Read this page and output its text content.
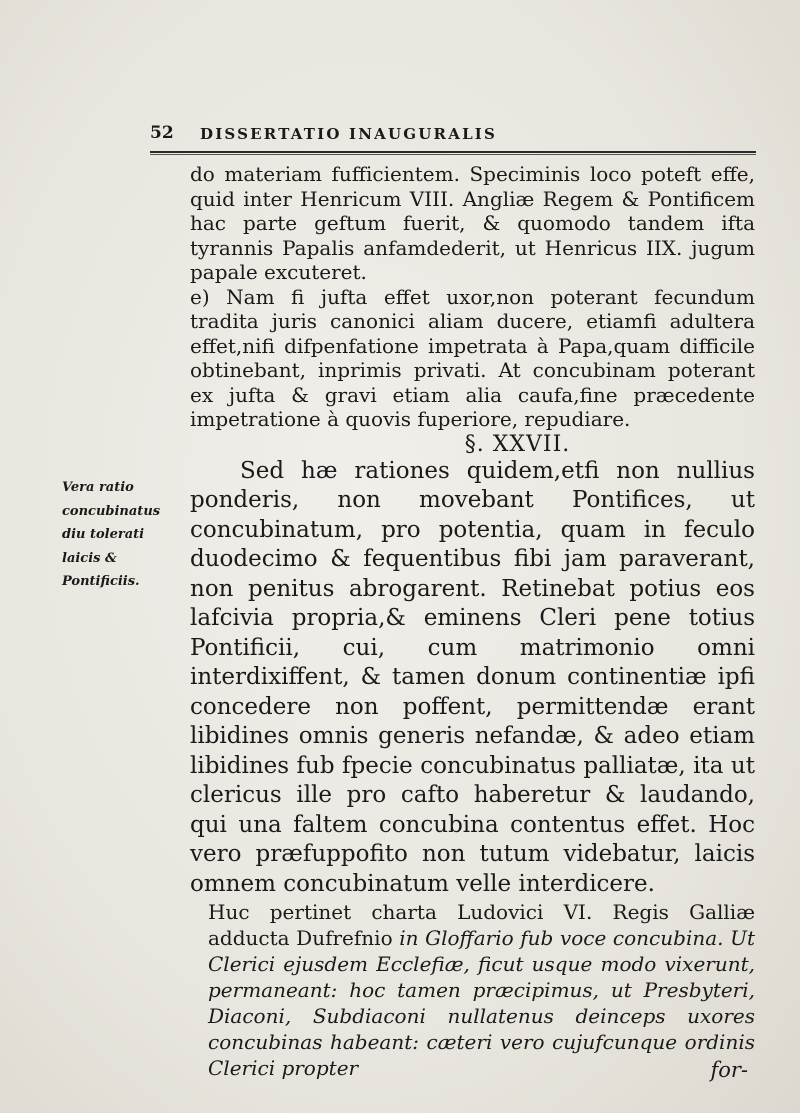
52 DISSERTATIO INAUGURALIS
Vera ratio concubinatus diu tolerati laicis & Pontificiis.

do materiam fufficientem. Speciminis loco poteft effe, quid inter Henricum VIII. Angliæ Regem & Pontificem hac parte geftum fuerit, & quomodo tandem ifta tyrannis Papalis anfamdederit, ut Henricus IIX. jugum papale excuteret.

e) Nam fi jufta effet uxor,non poterant fecundum tradita juris canonici aliam ducere, etiamfi adultera effet,nifi difpenfatione impetrata à Papa,quam difficile obtinebant, inprimis privati. At concubinam poterant ex jufta & gravi etiam alia caufa,fine præcedente impetratione à quovis fuperiore, repudiare.

§. XXVII.

Sed hæ rationes quidem,etfi non nullius ponderis, non movebant Pontifices, ut concubinatum, pro potentia, quam in feculo duodecimo & fequentibus fibi jam paraverant, non penitus abrogarent. Retinebat potius eos lafcivia propria,& eminens Cleri pene totius Pontificii, cui, cum matrimonio omni interdixiffent, & tamen donum continentiæ ipfi concedere non poffent, permittendæ erant libidines omnis generis nefandæ, & adeo etiam libidines fub fpecie concubinatus palliatæ, ita ut clericus ille pro cafto haberetur & laudando, qui una faltem concubina contentus effet. Hoc vero præfuppofito non tutum videbatur, laicis omnem concubinatum velle interdicere.

Huc pertinet charta Ludovici VI. Regis Galliæ adducta Dufrefnio in Gloffario fub voce concubina. Ut Clerici ejusdem Ecclefiæ, ficut usque modo vixerunt, permaneant: hoc tamen præcipimus, ut Presbyteri, Diaconi, Subdiaconi nullatenus deinceps uxores concubinas habeant: cæteri vero cujufcunque ordinis Clerici propter	for-
